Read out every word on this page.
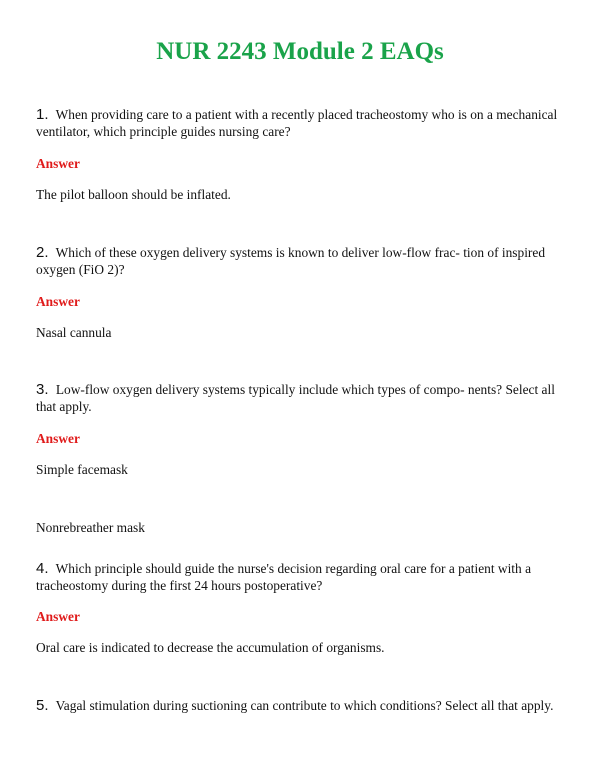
NUR 2243 Module 2 EAQs
1. When providing care to a patient with a recently placed tracheostomy who is on a mechanical ventilator, which principle guides nursing care?
Answer
The pilot balloon should be inflated.
2. Which of these oxygen delivery systems is known to deliver low-flow frac- tion of inspired oxygen (FiO 2)?
Answer
Nasal cannula
3. Low-flow oxygen delivery systems typically include which types of compo- nents? Select all that apply.
Answer
Simple facemask
Nonrebreather mask
4. Which principle should guide the nurse's decision regarding oral care for a patient with a tracheostomy during the first 24 hours postoperative?
Answer
Oral care is indicated to decrease the accumulation of organisms.
5. Vagal stimulation during suctioning can contribute to which conditions? Select all that apply.
